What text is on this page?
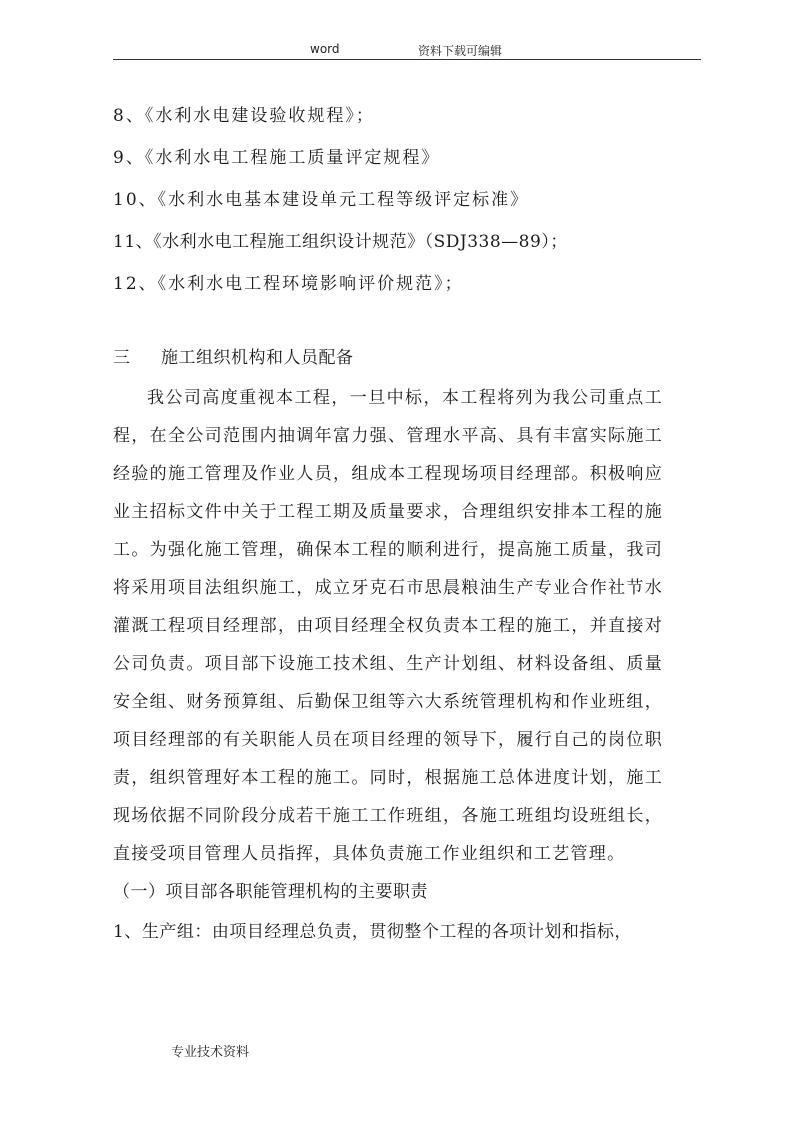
word	资料下载可编辑
8、《水利水电建设验收规程》；
9、《水利水电工程施工质量评定规程》
10、《水利水电基本建设单元工程等级评定标准》
11、《水利水电工程施工组织设计规范》（SDJ338—89）；
12、《水利水电工程环境影响评价规范》；
三 施工组织机构和人员配备

我公司高度重视本工程，一旦中标，本工程将列为我公司重点工程，在全公司范围内抽调年富力强、管理水平高、具有丰富实际施工经验的施工管理及作业人员，组成本工程现场项目经理部。积极响应业主招标文件中关于工程工期及质量要求，合理组织安排本工程的施工。为强化施工管理，确保本工程的顺利进行，提高施工质量，我司将采用项目法组织施工，成立牙克石市思晨粮油生产专业合作社节水灌溉工程项目经理部，由项目经理全权负责本工程的施工，并直接对公司负责。项目部下设施工技术组、生产计划组、材料设备组、质量安全组、财务预算组、后勤保卫组等六大系统管理机构和作业班组，项目经理部的有关职能人员在项目经理的领导下，履行自己的岗位职责，组织管理好本工程的施工。同时，根据施工总体进度计划，施工现场依据不同阶段分成若干施工工作班组，各施工班组均设班组长，直接受项目管理人员指挥，具体负责施工作业组织和工艺管理。

（一）项目部各职能管理机构的主要职责
1、生产组：由项目经理总负责，贯彻整个工程的各项计划和指标，
专业技术资料
